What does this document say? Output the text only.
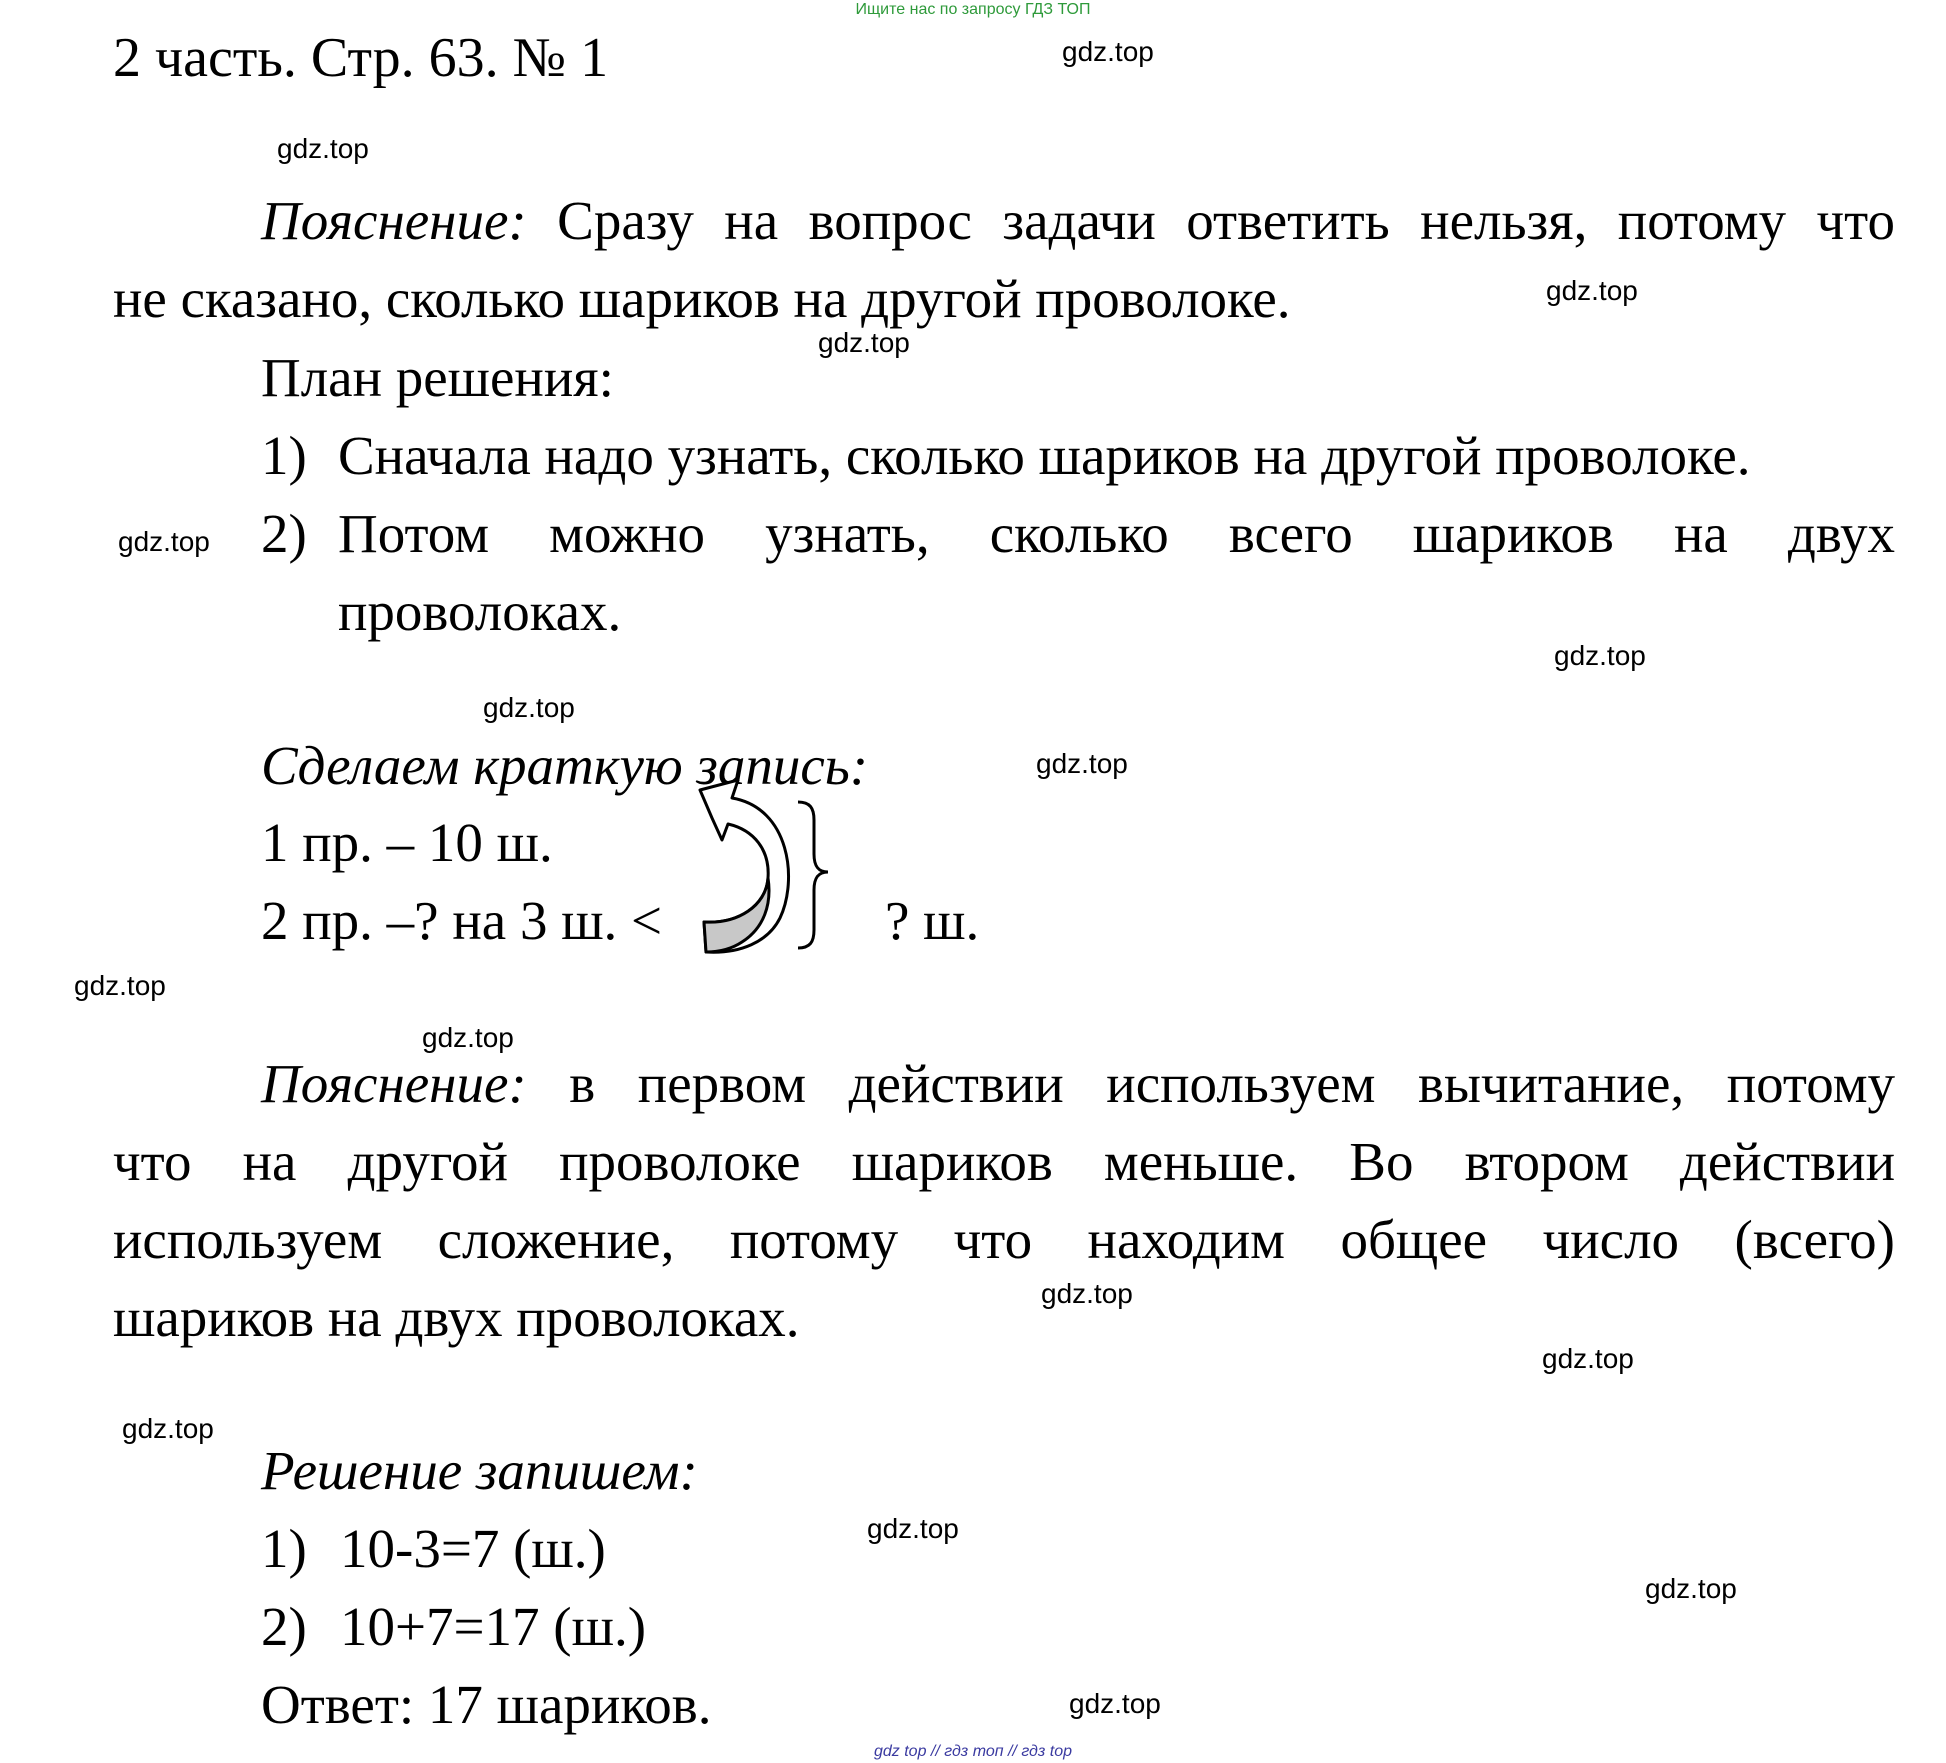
Ищите нас по запросу ГДЗ ТОП
2 часть. Стр. 63. № 1
Пояснение: Сразу на вопрос задачи ответить нельзя, потому что
не сказано, сколько шариков на другой проволоке.
План решения:
1) Сначала надо узнать, сколько шариков на другой проволоке.
2) Потом можно узнать, сколько всего шариков на двух
проволоках.
Сделаем краткую запись:
1 пр. – 10 ш.
2 пр. –? на 3 ш. <	? ш.
Пояснение: в первом действии используем вычитание, потому
что на другой проволоке шариков меньше. Во втором действии
используем сложение, потому что находим общее число (всего)
шариков на двух проволоках.
Решение запишем:
1) 10-3=7 (ш.)
2) 10+7=17 (ш.)
Ответ: 17 шариков.
gdz.top
gdz.top
gdz.top
gdz.top
gdz.top
gdz.top
gdz.top
gdz.top
gdz.top
gdz.top
gdz.top
gdz.top
gdz.top
gdz.top
gdz.top
gdz.top
gdz top // гдз топ // гдз top
